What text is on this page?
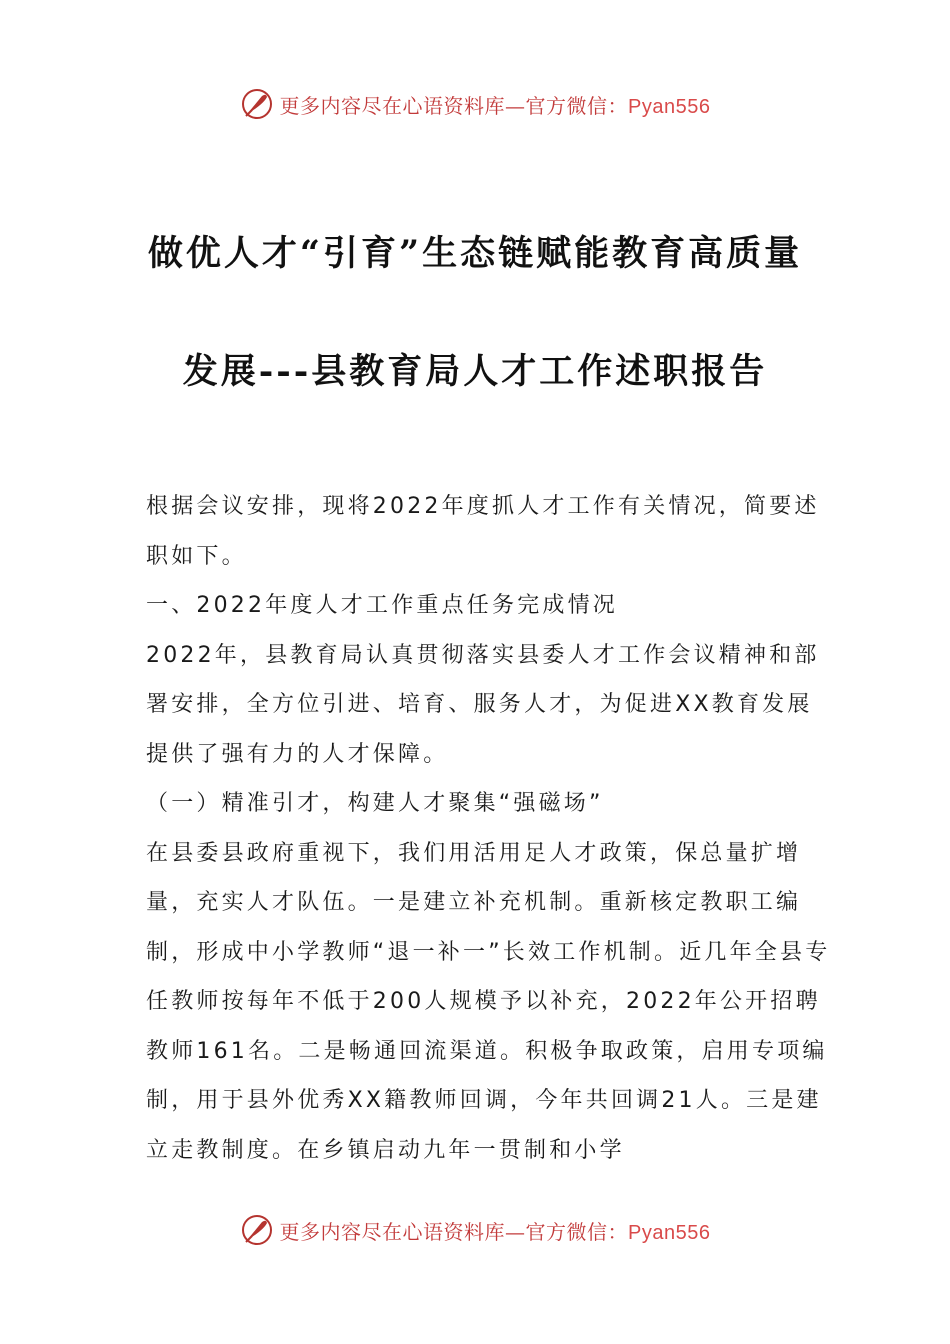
更多内容尽在心语资料库—官方微信：Pyan556
做优人才“引育”生态链赋能教育高质量
发展---县教育局人才工作述职报告

根据会议安排，现将2022年度抓人才工作有关情况，简要述职如下。

一、2022年度人才工作重点任务完成情况

2022年，县教育局认真贯彻落实县委人才工作会议精神和部署安排，全方位引进、培育、服务人才，为促进XX教育发展提供了强有力的人才保障。

（一）精准引才，构建人才聚集“强磁场”

在县委县政府重视下，我们用活用足人才政策，保总量扩增量，充实人才队伍。一是建立补充机制。重新核定教职工编制，形成中小学教师“退一补一”长效工作机制。近几年全县专任教师按每年不低于200人规模予以补充，2022年公开招聘教师161名。二是畅通回流渠道。积极争取政策，启用专项编制，用于县外优秀XX籍教师回调，今年共回调21人。三是建立走教制度。在乡镇启动九年一贯制和小学

更多内容尽在心语资料库—官方微信：Pyan556
